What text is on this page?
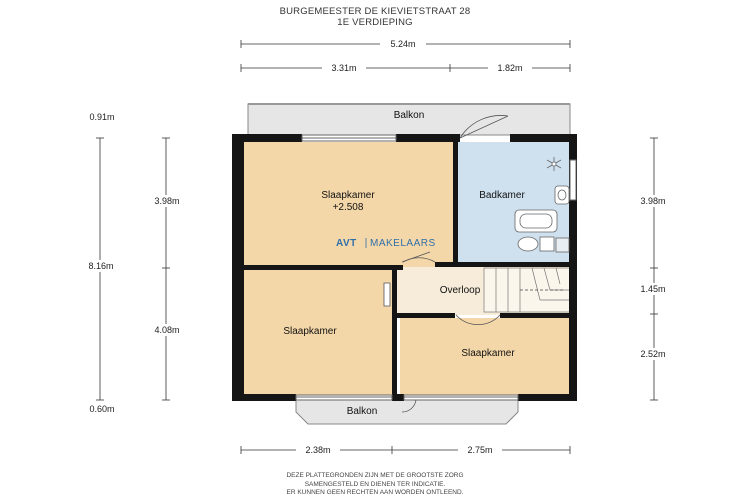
BURGEMEESTER DE KIEVIETSTRAAT 28
1E VERDIEPING
5.24m
3.31m	1.82m
0.91m
3.98m
8.16m
4.08m
0.60m
3.98m
1.45m
2.52m
2.38m	2.75m
Slaapkamer
+2.508
Badkamer
Overloop
Slaapkamer
Slaapkamer
Balkon
Balkon
AVT MAKELAARS
DEZE PLATTEGRONDEN ZIJN MET DE GROOTSTE ZORG
SAMENGESTELD EN DIENEN TER INDICATIE.
ER KUNNEN GEEN RECHTEN AAN WORDEN ONTLEEND.
